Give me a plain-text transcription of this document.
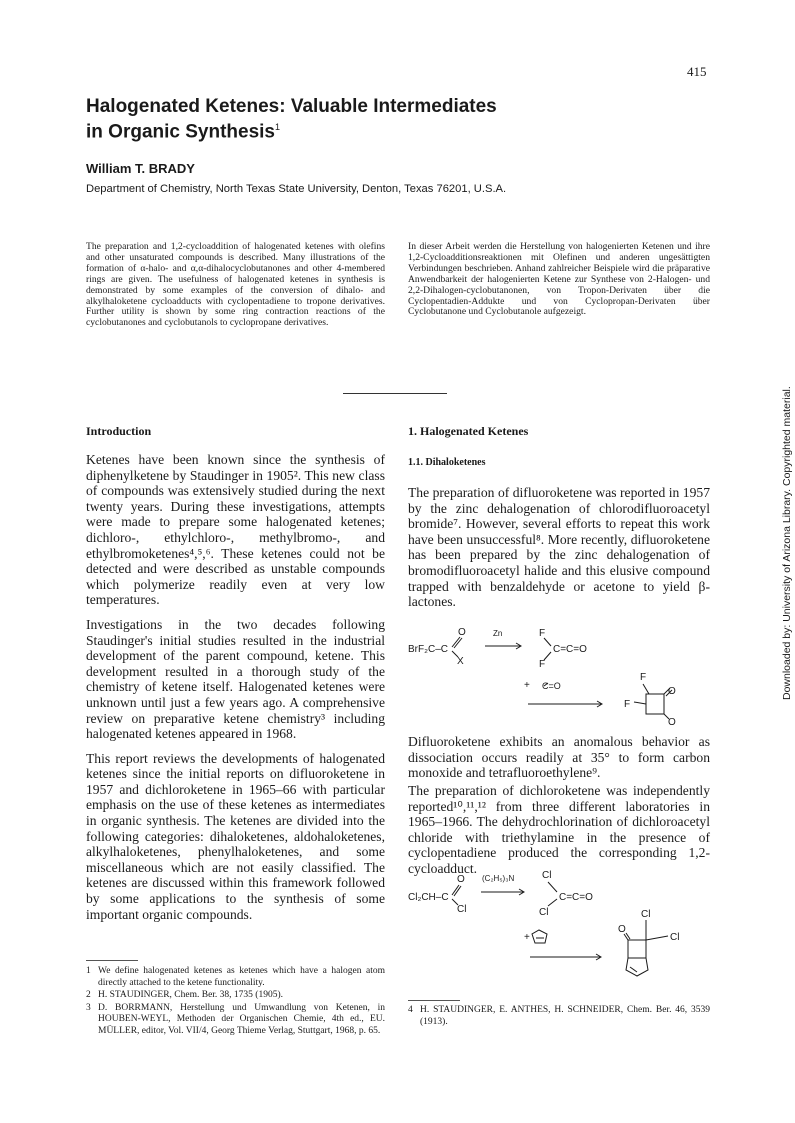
415
Halogenated Ketenes: Valuable Intermediates
in Organic Synthesis$^1$
William T. BRADY
Department of Chemistry, North Texas State University, Denton, Texas 76201, U.S.A.
The preparation and 1,2-cycloaddition of halogenated ketenes with olefins and other unsaturated compounds is described. Many illustrations of the formation of α-halo- and α,α-dihalocyclobutanones and other 4-membered rings are given. The usefulness of halogenated ketenes in synthesis is demonstrated by some examples of the conversion of dihalo- and alkylhaloketene cycloadducts with cyclopentadiene to tropone derivatives. Further utility is shown by some ring contraction reactions of the cyclobutanones and cyclobutanols to cyclopropane derivatives.
In dieser Arbeit werden die Herstellung von halogenierten Ketenen und ihre 1,2-Cycloadditionsreaktionen mit Olefinen und anderen ungesättigten Verbindungen beschrieben. Anhand zahlreicher Beispiele wird die präparative Anwendbarkeit der halogenierten Ketene zur Synthese von 2-Halogen- und 2,2-Dihalogen-cyclobutanonen, von Tropon-Derivaten über die Cyclopentadien-Addukte und von Cyclopropan-Derivaten über Cyclobutanone und Cyclobutanole aufgezeigt.
Introduction	1. Halogenated Ketenes
1.1. Dihaloketenes

Ketenes have been known since the synthesis of diphenylketene by Staudinger in 1905². This new class of compounds was extensively studied during the next twenty years. During these investigations, attempts were made to prepare some halogenated ketenes; dichloro-, ethylchloro-, methylbromo-, and ethylbromoketenes⁴,⁵,⁶. These ketenes could not be detected and were described as unstable compounds which polymerize readily even at very low temperatures.

Investigations in the two decades following Staudinger's initial studies resulted in the industrial development of the parent compound, ketene. This development resulted in a thorough study of the chemistry of ketene itself. Halogenated ketenes were unknown until just a few years ago. A comprehensive review on preparative ketene chemistry³ including halogenated ketenes appeared in 1968.

This report reviews the developments of halogenated ketenes since the initial reports on difluoroketene in 1957 and dichloroketene in 1965–66 with particular emphasis on the use of these ketenes as intermediates in organic synthesis. The ketenes are divided into the following categories: dihaloketenes, aldohaloketenes, alkylhaloketenes, phenylhaloketenes, and some miscellaneous which are not easily classified. The ketenes are discussed within this framework followed by some applications to the synthesis of some important organic compounds.

1 We define halogenated ketenes as ketenes which have a halogen atom directly attached to the ketene functionality.
2 H. STAUDINGER, Chem. Ber. 38, 1735 (1905).
3 D. BORRMANN, Herstellung und Umwandlung von Ketenen, in HOUBEN-WEYL, Methoden der Organischen Chemie, 4th ed., EU. MÜLLER, editor, Vol. VII/4, Georg Thieme Verlag, Stuttgart, 1968, p. 65.
The preparation of difluoroketene was reported in 1957 by the zinc dehalogenation of chlorodifluoroacetyl bromide⁷. However, several efforts to repeat this work have been unsuccessful⁸. More recently, difluoroketene has been prepared by the zinc dehalogenation of bromodifluoroacetyl halide and this elusive compound trapped with benzaldehyde or acetone to yield β-lactones.
BrF₂C–C
O
X
Zn	F
F
C=C=O
+ C=O
F
F
O
O
Difluoroketene exhibits an anomalous behavior as dissociation occurs readily at 35° to form carbon monoxide and tetrafluoroethylene⁹.
The preparation of dichloroketene was independently reported¹⁰,¹¹,¹² from three different laboratories in 1965–1966. The dehydrochlorination of dichloroacetyl chloride with triethylamine in the presence of cyclopentadiene produced the corresponding 1,2-cycloadduct.
Cl₂CH–C
O
Cl
(C₂H₅)₃N	Cl
Cl
C=C=O
+
O
Cl
Cl
4 H. STAUDINGER, E. ANTHES, H. SCHNEIDER, Chem. Ber. 46, 3539 (1913).
Downloaded by: University of Arizona Library. Copyrighted material.
